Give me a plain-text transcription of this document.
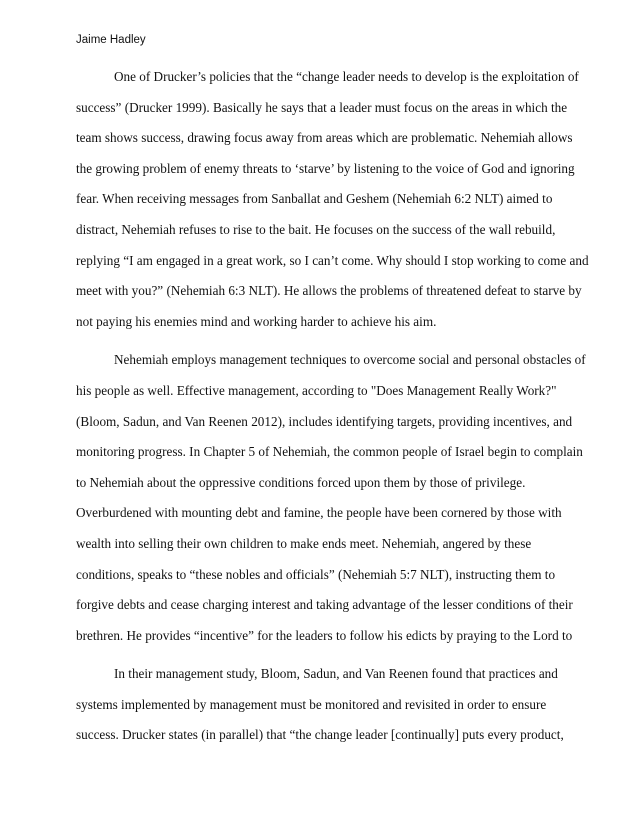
Jaime Hadley
One of Drucker’s policies that the “change leader needs to develop is the exploitation of
success” (Drucker 1999). Basically he says that a leader must focus on the areas in which the
team shows success, drawing focus away from areas which are problematic. Nehemiah allows
the growing problem of enemy threats to ‘starve’ by listening to the voice of God and ignoring
fear. When receiving messages from Sanballat and Geshem (Nehemiah 6:2 NLT) aimed to
distract, Nehemiah refuses to rise to the bait. He focuses on the success of the wall rebuild,
replying “I am engaged in a great work, so I can’t come. Why should I stop working to come and
meet with you?” (Nehemiah 6:3 NLT). He allows the problems of threatened defeat to starve by
not paying his enemies mind and working harder to achieve his aim.
Nehemiah employs management techniques to overcome social and personal obstacles of
his people as well. Effective management, according to "Does Management Really Work?"
(Bloom, Sadun, and Van Reenen 2012), includes identifying targets, providing incentives, and
monitoring progress. In Chapter 5 of Nehemiah, the common people of Israel begin to complain
to Nehemiah about the oppressive conditions forced upon them by those of privilege.
Overburdened with mounting debt and famine, the people have been cornered by those with
wealth into selling their own children to make ends meet. Nehemiah, angered by these
conditions, speaks to “these nobles and officials” (Nehemiah 5:7 NLT), instructing them to
forgive debts and cease charging interest and taking advantage of the lesser conditions of their
brethren. He provides “incentive” for the leaders to follow his edicts by praying to the Lord to
In their management study, Bloom, Sadun, and Van Reenen found that practices and
systems implemented by management must be monitored and revisited in order to ensure
success. Drucker states (in parallel) that “the change leader [continually] puts every product,
